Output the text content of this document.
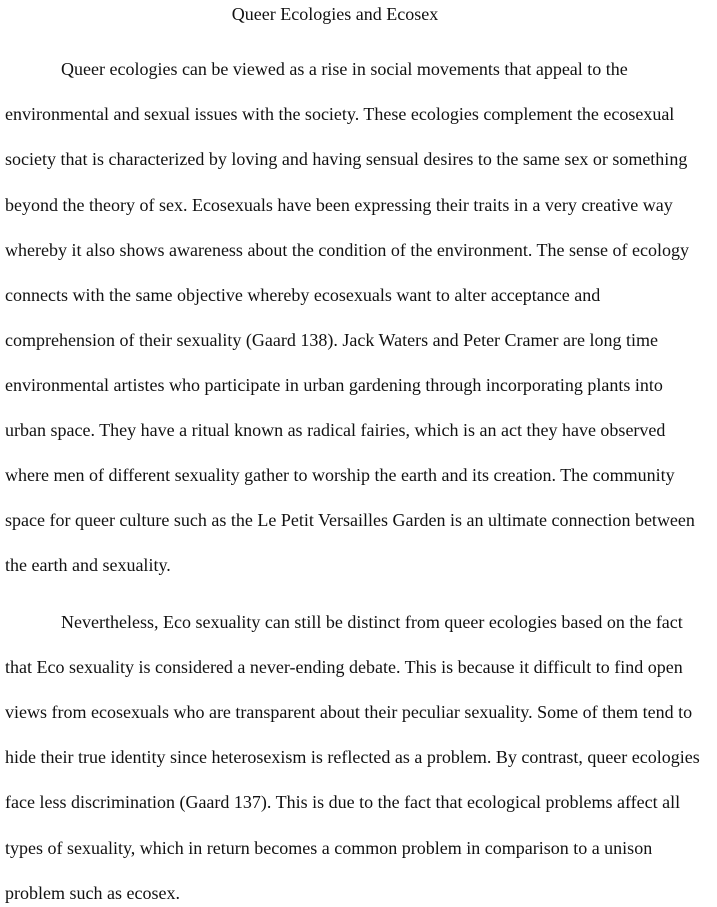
Queer Ecologies and Ecosex
Queer ecologies can be viewed as a rise in social movements that appeal to the
environmental and sexual issues with the society. These ecologies complement the ecosexual
society that is characterized by loving and having sensual desires to the same sex or something
beyond the theory of sex. Ecosexuals have been expressing their traits in a very creative way
whereby it also shows awareness about the condition of the environment. The sense of ecology
connects with the same objective whereby ecosexuals want to alter acceptance and
comprehension of their sexuality (Gaard 138). Jack Waters and Peter Cramer are long time
environmental artistes who participate in urban gardening through incorporating plants into
urban space. They have a ritual known as radical fairies, which is an act they have observed
where men of different sexuality gather to worship the earth and its creation. The community
space for queer culture such as the Le Petit Versailles Garden is an ultimate connection between
the earth and sexuality.
Nevertheless, Eco sexuality can still be distinct from queer ecologies based on the fact
that Eco sexuality is considered a never-ending debate. This is because it difficult to find open
views from ecosexuals who are transparent about their peculiar sexuality. Some of them tend to
hide their true identity since heterosexism is reflected as a problem. By contrast, queer ecologies
face less discrimination (Gaard 137). This is due to the fact that ecological problems affect all
types of sexuality, which in return becomes a common problem in comparison to a unison
problem such as ecosex.
